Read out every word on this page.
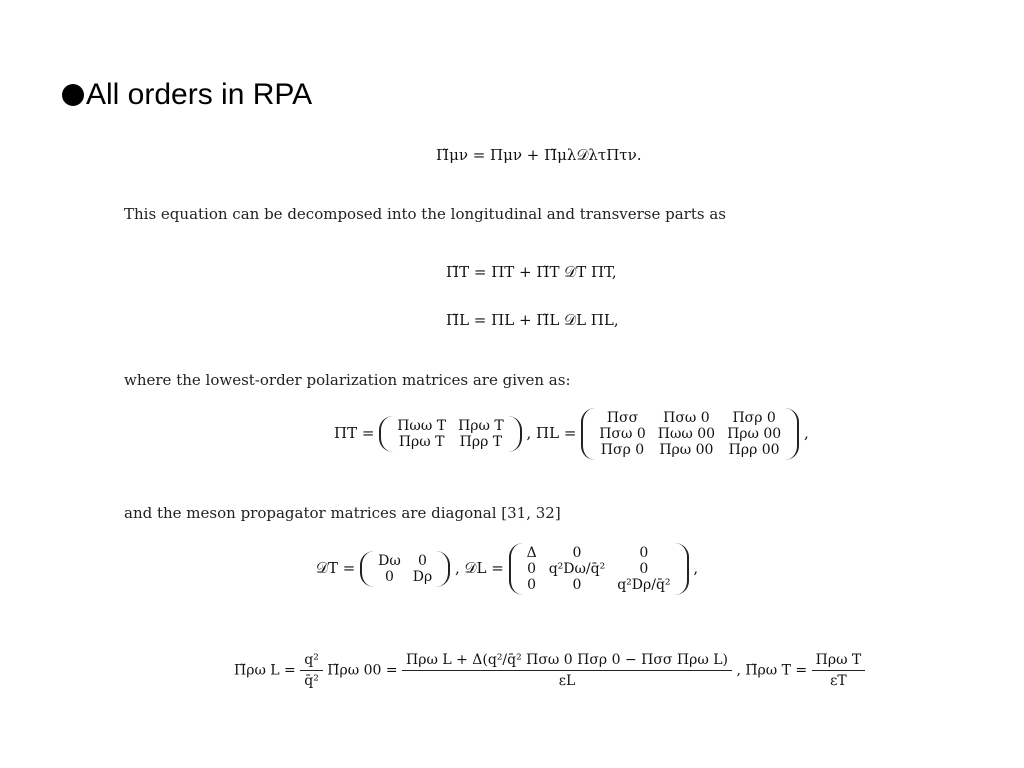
All orders in RPA
Π̃μν = Πμν + Π̃μλ𝒟λτΠτν.
This equation can be decomposed into the longitudinal and transverse parts as
Π̃T = ΠT + Π̃T 𝒟T ΠT,
Π̃L = ΠL + Π̃L 𝒟L ΠL,
where the lowest-order polarization matrices are given as:
ΠT = Πωω T	Πρω T
Πρω T	Πρρ T , ΠL =
Πσσ	Πσω 0	Πσρ 0
Πσω 0	Πωω 00	Πρω 00
Πσρ 0	Πρω 00	Πρρ 00
,
and the meson propagator matrices are diagonal [31, 32]
𝒟T = Dω	0
0	Dρ , 𝒟L =
Δ	0	0
0	q²Dω/q̄²	0
0	0	q²Dρ/q̄²
,
Π̃ρω $L = \frac{\text{q²}}{\text{q̄²}}$ Π̃ρω $00 = \frac{\text{Πρω L + Δ(q²/q̄² Πσω 0 Πσρ 0 − Πσσ Πρω L)}}{\varepsilon L}$ , Π̃ρω $T = \frac{\text{Πρω T}}{\varepsilon T}$
